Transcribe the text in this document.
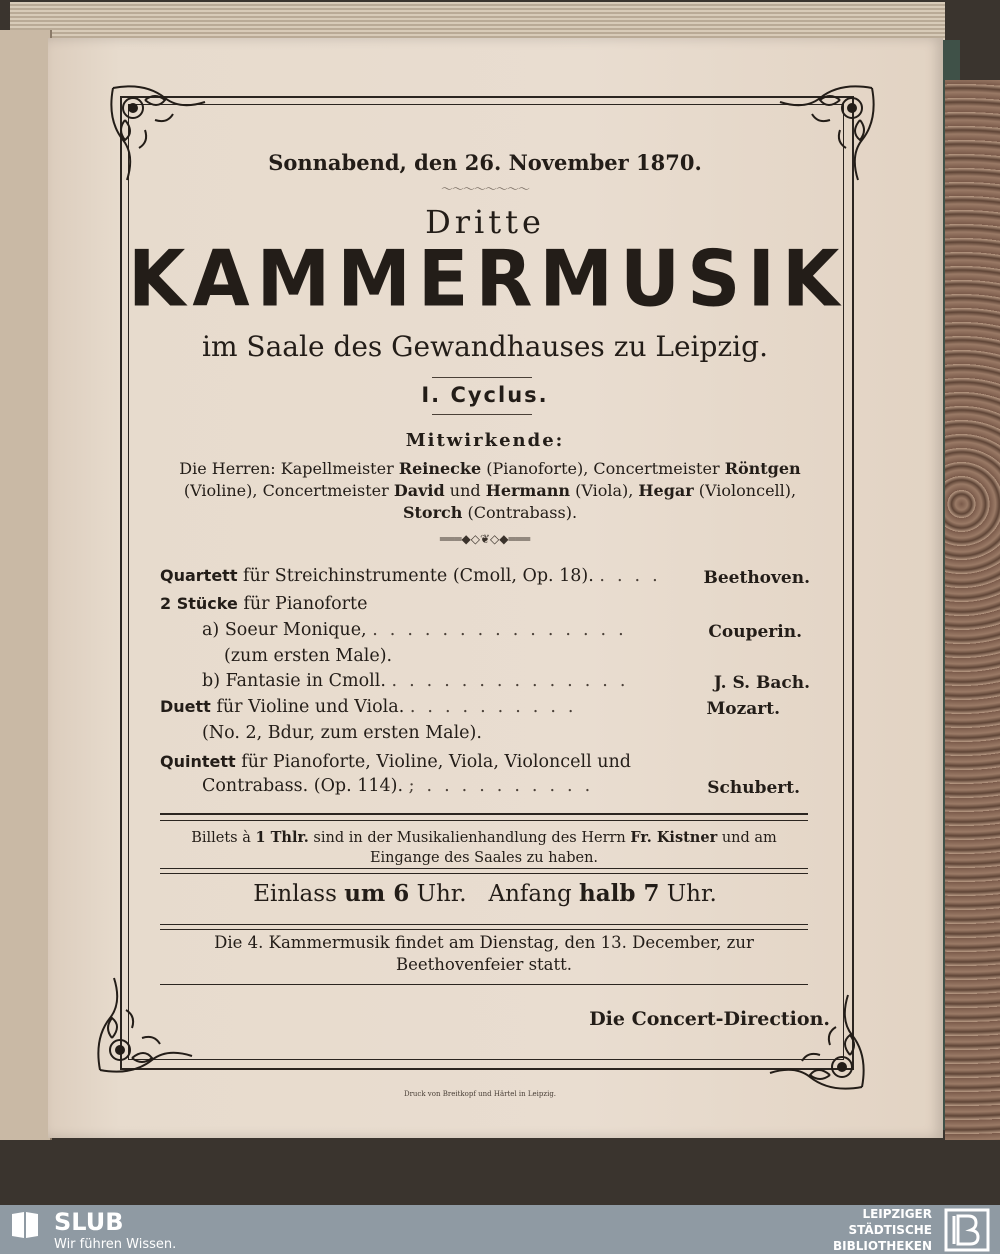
Sonnabend, den 26. November 1870.
〜〜〜〜〜〜〜〜
Dritte
KAMMERMUSIK
im Saale des Gewandhauses zu Leipzig.
I. Cyclus.
Mitwirkende:
Die Herren: Kapellmeister Reinecke (Pianoforte), Concertmeister Röntgen (Violine), Concertmeister David und Hermann (Viola), Hegar (Violoncell), Storch (Contrabass).
═══◆◇❦◇◆═══
Quartett für Streichinstrumente (Cmoll, Op. 18). .... Beethoven.
2 Stücke für Pianoforte
a) Soeur Monique, ...............	Couperin.
(zum ersten Male).
b) Fantasie in Cmoll. ..............	J. S. Bach.
Duett für Violine und Viola. ..........	Mozart.
(No. 2, Bdur, zum ersten Male).
Quintett für Pianoforte, Violine, Viola, Violoncell und
Contrabass. (Op. 114). ;..........	Schubert.
Billets à 1 Thlr. sind in der Musikalienhandlung des Herrn Fr. Kistner und am Eingange des Saales zu haben.
Einlass um 6 Uhr. Anfang halb 7 Uhr.
Die 4. Kammermusik findet am Dienstag, den 13. December, zur Beethovenfeier statt.
Die Concert-Direction.
Druck von Breitkopf und Härtel in Leipzig.
SLUB
Wir führen Wissen.
LEIPZIGER
STÄDTISCHE
BIBLIOTHEKEN
